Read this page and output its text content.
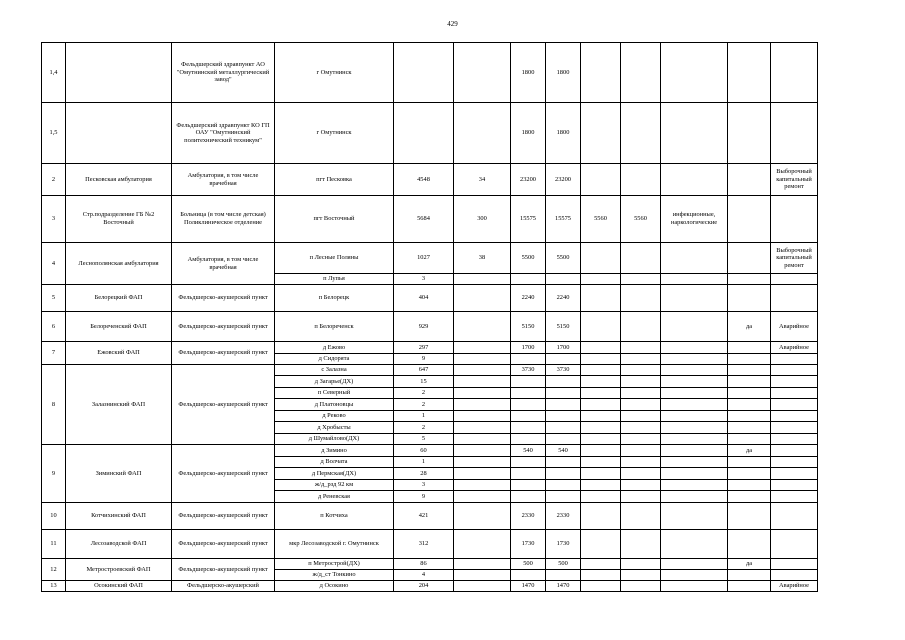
429
1,4		Фельдшерский здравпункт АО "Омутнинский металлургический завод"	г Омутнинск			1800	1800					
1,5		Фельдшерский здравпункт КО ГП ОАУ "Омутнинский политехнический техникум"	г Омутнинск			1800	1800					
2	Песковская амбулатория	Амбулатория, в том числе врачебная	пгт Песковка	4548	34	23200	23200					Выборочный капитальный ремонт
3	Стр.подразделение ГБ №2 Восточный	Больница (в том числе детская) Поликлиническое отделение	пгт Восточный	5684	300	15575	15575	5560	5560	инфекционные, наркологические		
4	Леснополянская амбулатория	Амбулатория, в том числе врачебная	п Лесные Поляны	1027	38	5500	5500					Выборочный капитальный ремонт
			п Лупья	3								
5	Белорецкий ФАП	Фельдшерско-акушерский пункт	п Белорецк	404		2240	2240					
6	Белореченский ФАП	Фельдшерско-акушерский пункт	п Белореченск	929		5150	5150				да	Аварийное
7	Ежовский ФАП	Фельдшерско-акушерский пункт	д Ежово	297		1700	1700					Аварийное
			д Сидорята	9								
8	Залазнинский ФАП	Фельдшерско-акушерский пункт	с Залазна	647		3730	3730					
			д Загарье(ДХ)	15								
			п Северный	2								
			д Платоновцы	2								
			д Рековo	1								
			д Хробысты	2								
			д Шумайлово(ДХ)	5								
9	Зиминский ФАП	Фельдшерско-акушерский пункт	д Зимино	60		540	540				да	
			д Волчата	1								
			д Пермская(ДХ)	28								
			ж/д_рзд 92 км	3								
			д Реневская	9								
10	Котчихинский ФАП	Фельдшерско-акушерский пункт	п Котчиха	421		2330	2330					
11	Лесозаводской ФАП	Фельдшерско-акушерский пункт	мкр Лесозаводской г. Омутнинск	312		1730	1730					
12	Метростроевский ФАП	Фельдшерско-акушерский пункт	п Метрострой(ДХ)	86		500	500				да	
			ж/д_ст Тонкино	4								
13	Осокинский ФАП	Фельдшерско-акушерский	д Осокино	204		1470	1470					Аварийное
